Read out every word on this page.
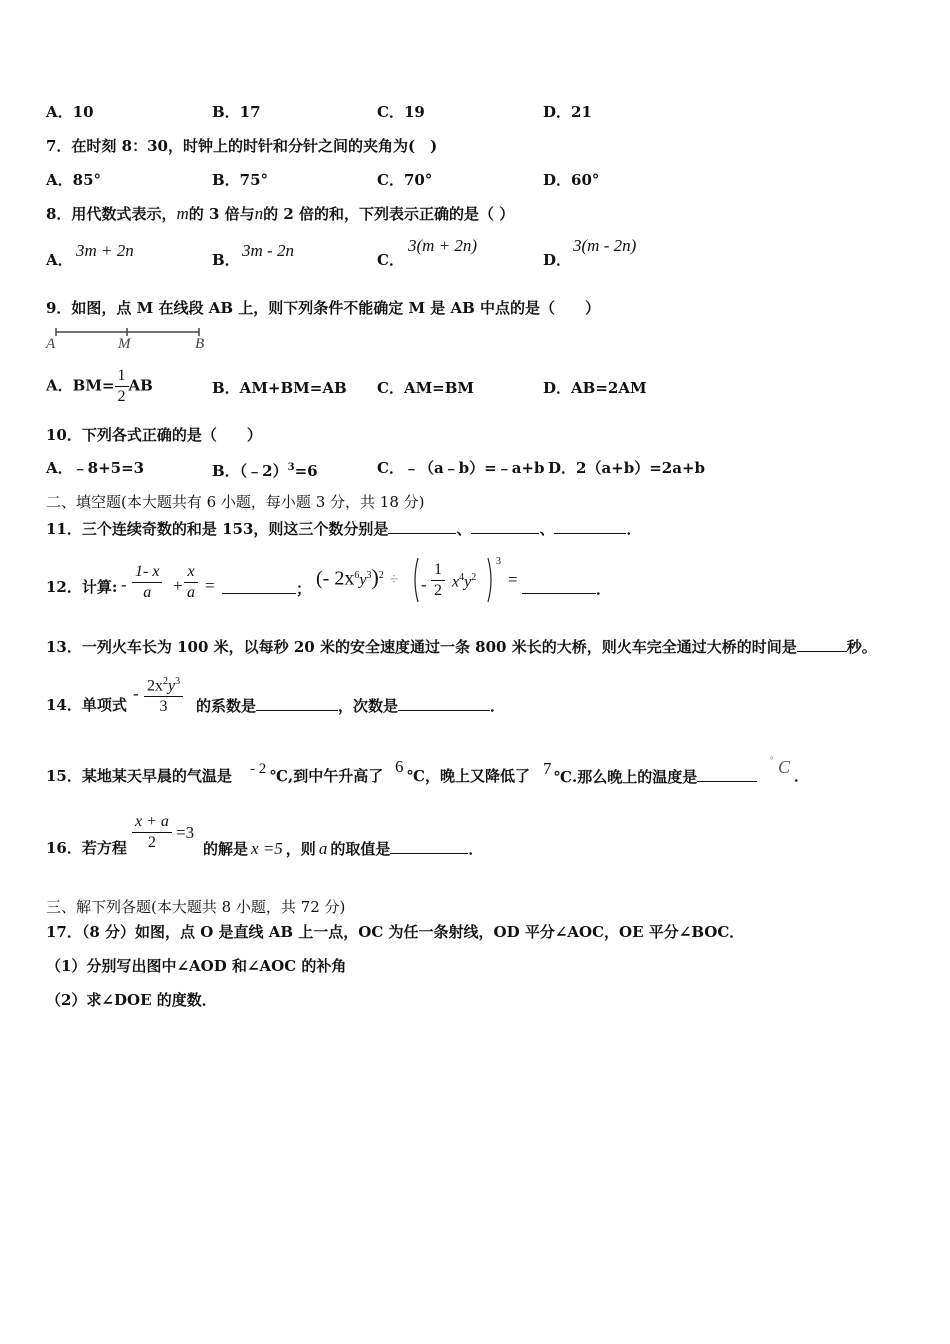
A．10	B．17	C．19	D．21
7．在时刻 8：30，时钟上的时针和分针之间的夹角为(　)
A．85°	B．75°	C．70°	D．60°
8．用代数式表示，m的 3 倍与n的 2 倍的和，下列表示正确的是（ ）
A． 3m + 2n	B． 3m - 2n	C．
3(m + 2n)
D．
3(m - 2n)
9．如图，点 M 在线段 AB 上，则下列条件不能确定 M 是 AB 中点的是（　　）
A	M	B
A．$BM= \frac{1}{2}$ AB	B．AM+BM=AB C．AM=BM	D．AB=2AM
10．下列各式正确的是（　　）
A．﹣8+5=3	B．（﹣2）$^3$=6	C．﹣（a﹣b）=﹣a+b D．2（a+b）=2a+b
二、填空题(本大题共有 6 小题，每小题 3 分，共 18 分)
11．三个连续奇数的和是 153，则这三个数分别是	、	、	．
12．计算: - $\frac{1- x}{a} + \frac{x}{a}$ =	； (- $2x^6y^3)^2$ ÷ - $\frac{1}{2} x^4y^2$
3
=	．
13．一列火车长为 100 米，以每秒 20 米的安全速度通过一条 800 米长的大桥，则火车完全通过大桥的时间是	秒。
14．单项式
- $\frac{2x^2y^3}{3}$ 的系数是	，次数是	．
15．某地某天早晨的气温是 - 2 ℃,到中午升高了 6 ℃，晚上又降低了 7 ℃.那么晚上的温度是
° C ．
16．若方程 $\frac{x + a}{2} =3$
的解是 x =5 ，则 a 的取值是	．
三、解下列各题(本大题共 8 小题，共 72 分)
17．（8 分）如图，点 O 是直线 AB 上一点，OC 为任一条射线，OD 平分∠AOC，OE 平分∠BOC．
（1）分别写出图中∠AOD 和∠AOC 的补角
（2）求∠DOE 的度数．
